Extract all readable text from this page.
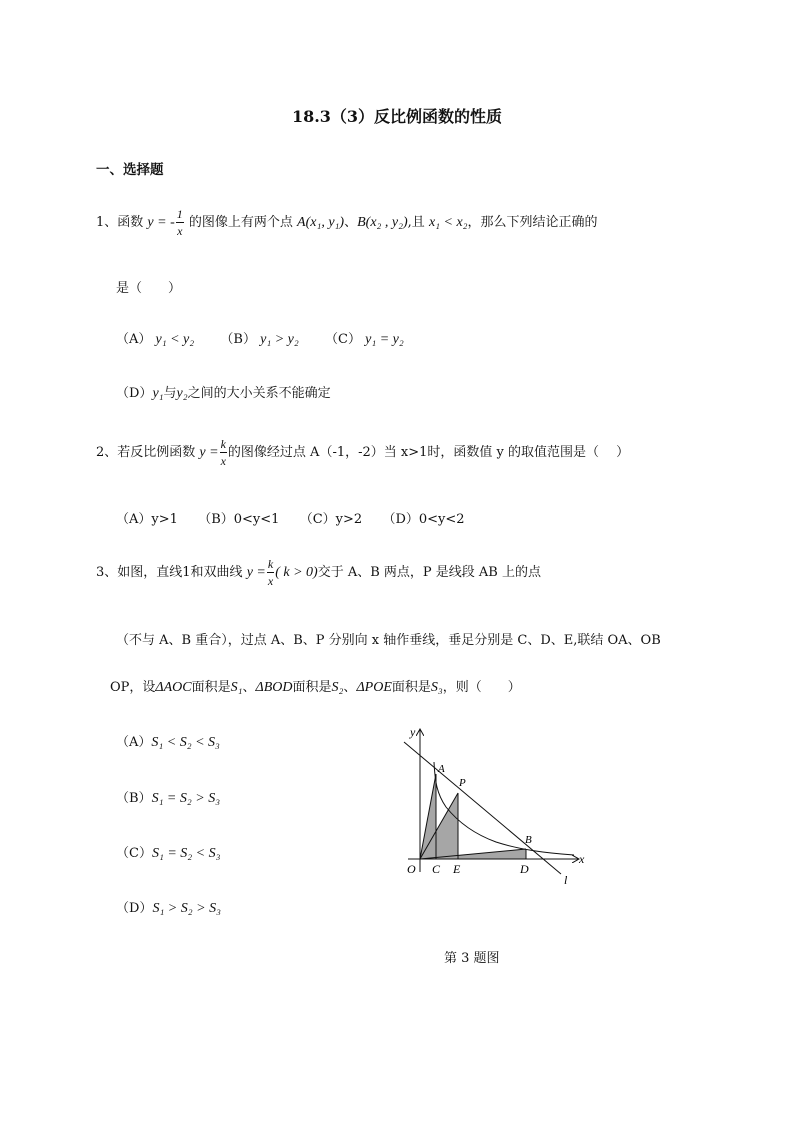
18.3（3）反比例函数的性质
一、选择题
1、函数 y = - $\frac{1}{x}$ 的图像上有两个点 A(x₁, y₁)、B(x₂ , y₂),且 x₁ < x₂，那么下列结论正确的
是（　　）
（A） y₁ < y₂ （B） y₁ > y₂ （C） y₁ = y₂
（D）y₁与y₂之间的大小关系不能确定
2、若反比例函数 $y = \frac{k}{x}$ 的图像经过点 A（-1，-2）当 x>1时，函数值 y 的取值范围是（　 ）
（A）y>1 （B）0<y<1 （C）y>2 （D）0<y<2
3、如图，直线1和双曲线 $y = \frac{k}{x}$ ( k > 0)交于 A、B 两点，P 是线段 AB 上的点
（不与 A、B 重合），过点 A、B、P 分别向 x 轴作垂线，垂足分别是 C、D、E,联结 OA、OB
OP，设ΔAOC面积是S₁、ΔBOD面积是S₂、ΔPOE面积是S₃，则（　　）
（A）S₁ < S₂ < S₃
（B）S₁ = S₂ > S₃
（C）S₁ = S₂ < S₃
（D）S₁ > S₂ > S₃
y
x
A
P
B
O C E	D
l
第 3 题图
